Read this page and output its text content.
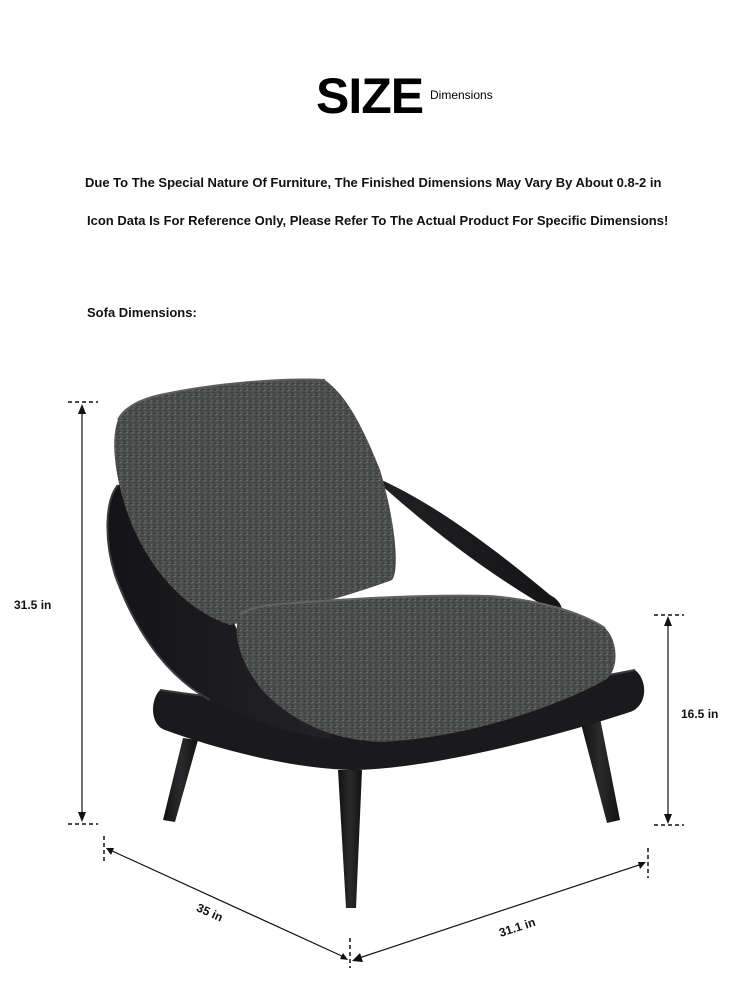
SIZE Dimensions
Due To The Special Nature Of Furniture, The Finished Dimensions May Vary By About 0.8-2 in
Icon Data Is For Reference Only, Please Refer To The Actual Product For Specific Dimensions!
Sofa Dimensions:
31.5 in
16.5 in
35 in
31.1 in
